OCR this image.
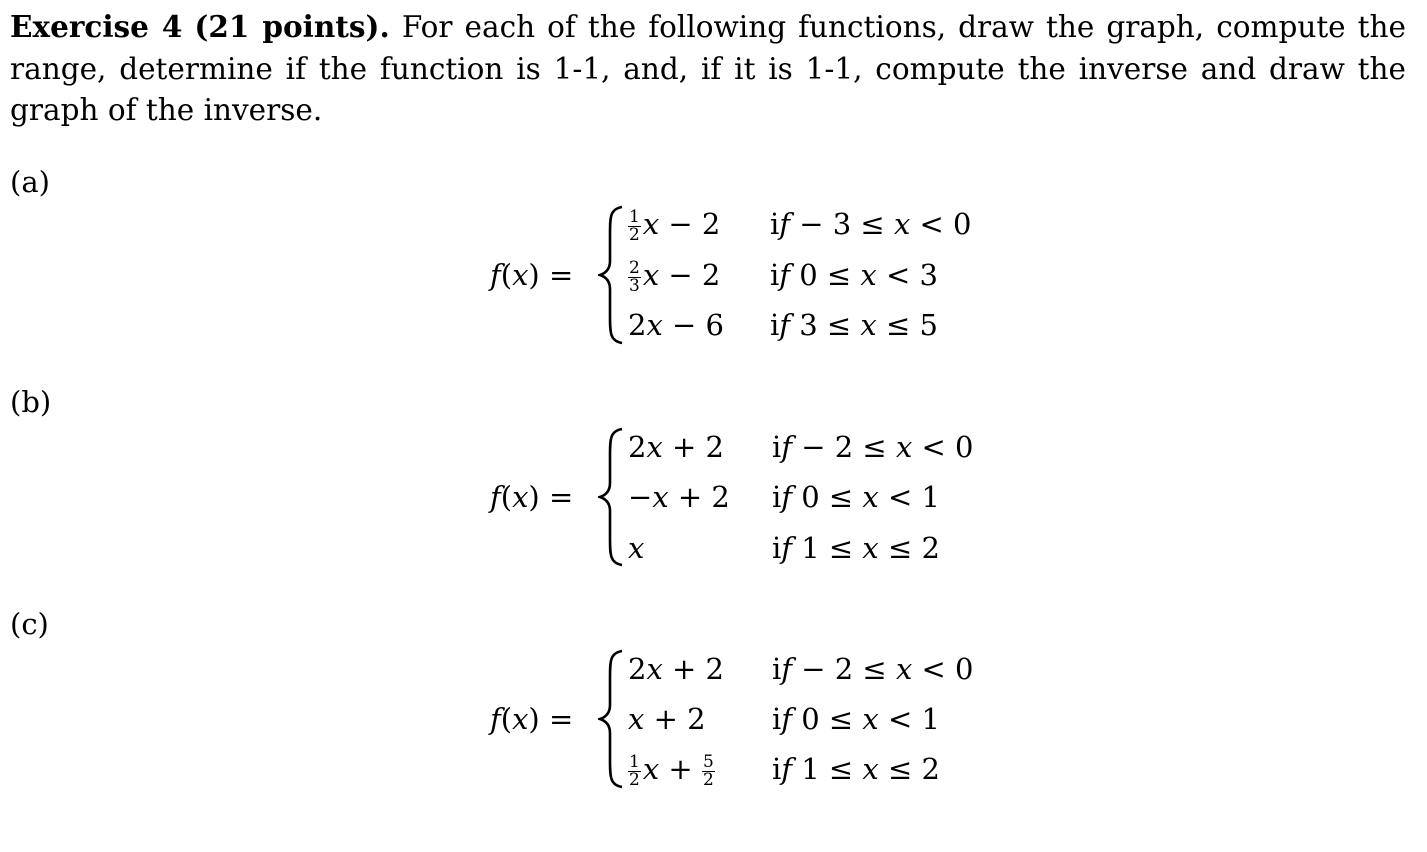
Exercise 4 (21 points). For each of the following functions, draw the graph, compute the range, determine if the function is 1-1, and, if it is 1-1, compute the inverse and draw the graph of the inverse.
(a)
f(x) =
$\frac{1}{2}$ x − 2 if − 3 ≤ x < 0
$\frac{2}{3}$ x − 2 if 0 ≤ x < 3
2x − 6 if 3 ≤ x ≤ 5
(b)
f(x) =
2x + 2 if − 2 ≤ x < 0
−x + 2 if 0 ≤ x < 1
x	if 1 ≤ x ≤ 2
(c)
f(x) =
2x + 2 if − 2 ≤ x < 0
x + 2 if 0 ≤ x < 1
$\frac{1}{2}$ $x + \frac{5}{2}$ if 1 ≤ x ≤ 2
